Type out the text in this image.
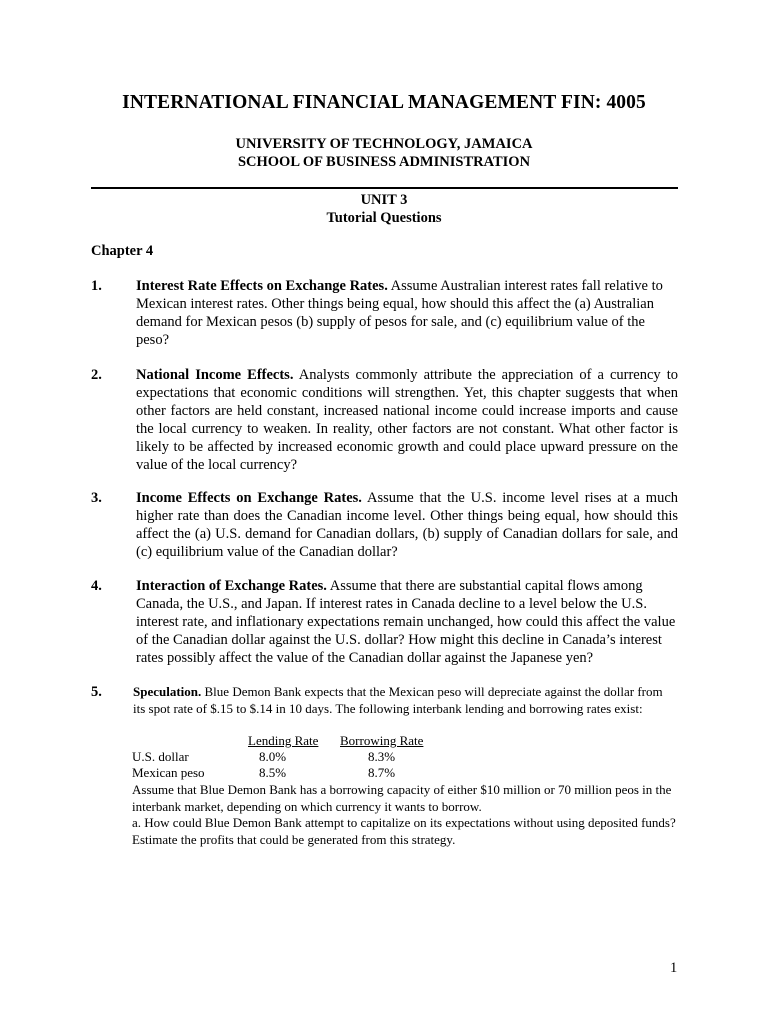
INTERNATIONAL FINANCIAL MANAGEMENT FIN: 4005
UNIVERSITY OF TECHNOLOGY, JAMAICA
SCHOOL OF BUSINESS ADMINISTRATION
UNIT 3
Tutorial Questions
Chapter 4
1. Interest Rate Effects on Exchange Rates. Assume Australian interest rates fall relative to Mexican interest rates. Other things being equal, how should this affect the (a) Australian demand for Mexican pesos (b) supply of pesos for sale, and (c) equilibrium value of the peso?
2. National Income Effects. Analysts commonly attribute the appreciation of a currency to expectations that economic conditions will strengthen. Yet, this chapter suggests that when other factors are held constant, increased national income could increase imports and cause the local currency to weaken. In reality, other factors are not constant. What other factor is likely to be affected by increased economic growth and could place upward pressure on the value of the local currency?
3. Income Effects on Exchange Rates. Assume that the U.S. income level rises at a much higher rate than does the Canadian income level. Other things being equal, how should this affect the (a) U.S. demand for Canadian dollars, (b) supply of Canadian dollars for sale, and (c) equilibrium value of the Canadian dollar?
4. Interaction of Exchange Rates. Assume that there are substantial capital flows among Canada, the U.S., and Japan. If interest rates in Canada decline to a level below the U.S. interest rate, and inflationary expectations remain unchanged, how could this affect the value of the Canadian dollar against the U.S. dollar? How might this decline in Canada’s interest rates possibly affect the value of the Canadian dollar against the Japanese yen?
5. Speculation. Blue Demon Bank expects that the Mexican peso will depreciate against the dollar from its spot rate of $.15 to $.14 in 10 days. The following interbank lending and borrowing rates exist:
Lending Rate Borrowing Rate
U.S. dollar	8.0%	8.3%
Mexican peso	8.5%	8.7%
Assume that Blue Demon Bank has a borrowing capacity of either $10 million or 70 million peos in the interbank market, depending on which currency it wants to borrow.
a. How could Blue Demon Bank attempt to capitalize on its expectations without using deposited funds? Estimate the profits that could be generated from this strategy.
1
